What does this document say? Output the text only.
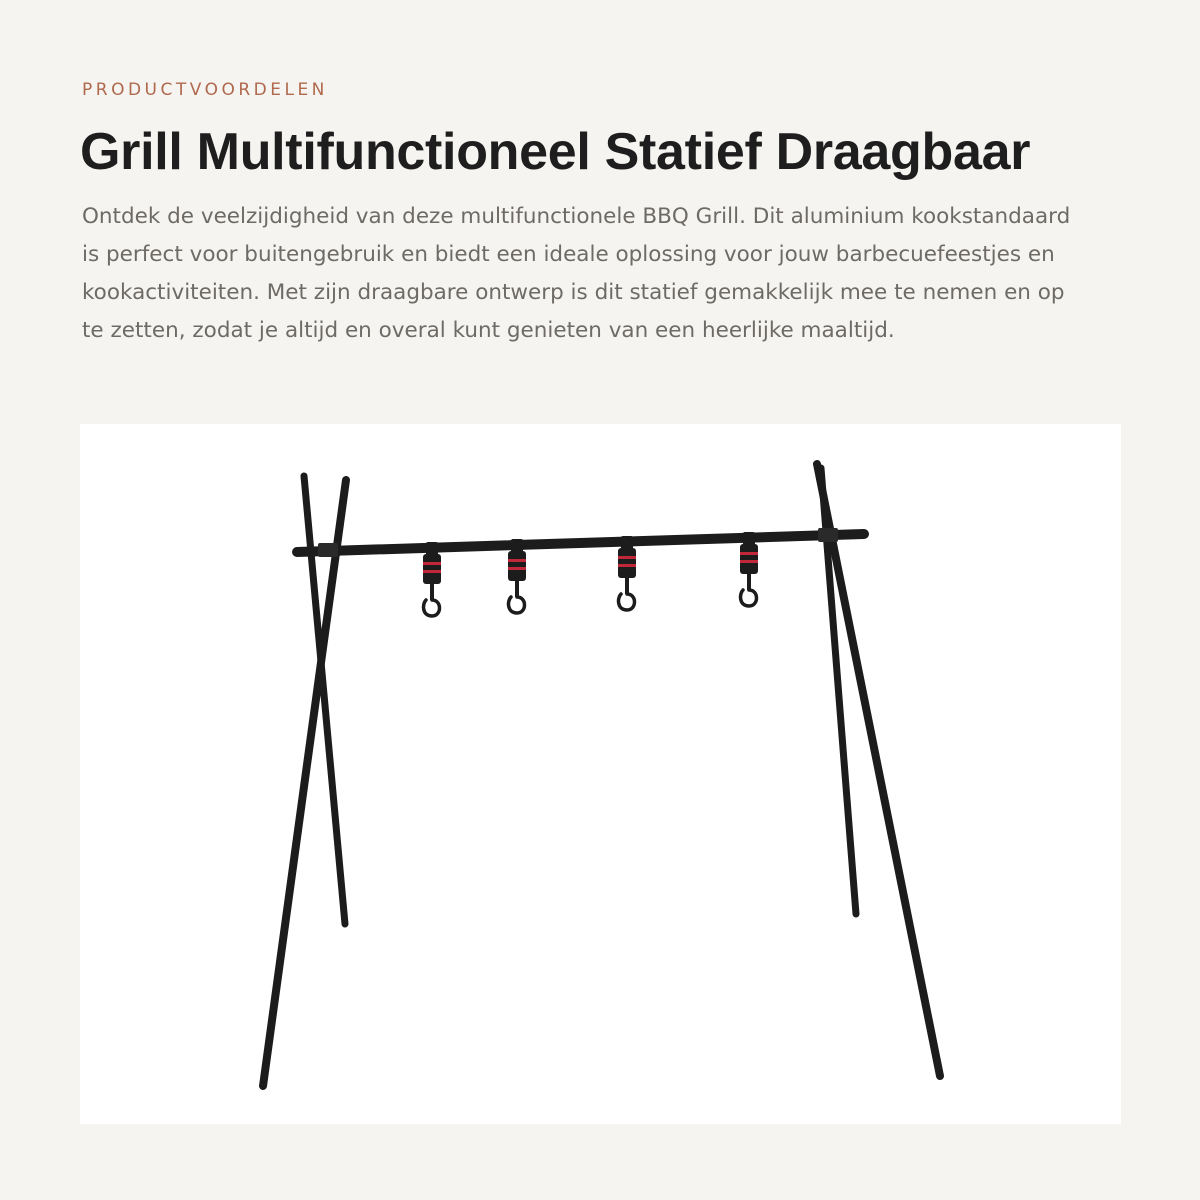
PRODUCTVOORDELEN
Grill Multifunctioneel Statief Draagbaar

Ontdek de veelzijdigheid van deze multifunctionele BBQ Grill. Dit aluminium kookstandaard is perfect voor buitengebruik en biedt een ideale oplossing voor jouw barbecuefeestjes en kookactiviteiten. Met zijn draagbare ontwerp is dit statief gemakkelijk mee te nemen en op te zetten, zodat je altijd en overal kunt genieten van een heerlijke maaltijd.
